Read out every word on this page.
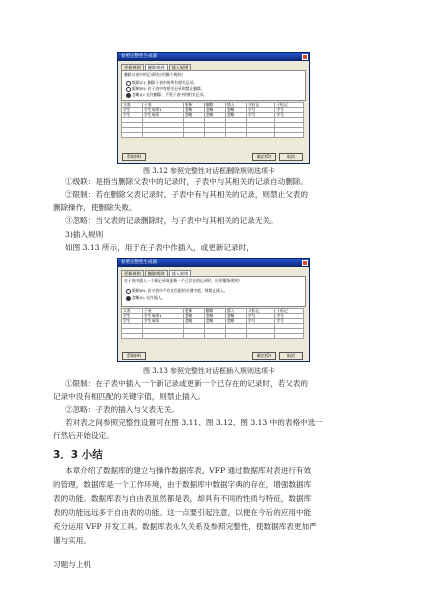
参照完整性生成器
更新规则	删除规则	插入规则
删除父表中的记录时应用哪个规则?
级联(C): 删除子表中的所有相关记录。
限制(R): 若子表中有相关记录则禁止删除。
忽略(I): 允许删除，不管子表中的相关记录。
父表	子表	更新	删除	插入	父标记	子标记
学生	学生成绩1	忽略	忽略	忽略	学号	学号
学生	学生成绩	忽略	忽略	忽略	学号	学号

帮助(H)	确定(O)	取消
图 3.12 参照完整性对话框删除规则选项卡
①级联：是指当删除父表中的记录时，子表中与其相关的记录自动删除。
②限制：若在删除父表记录时，子表中有与其相关的记录，则禁止父表的
删除操作，使删除失败。
③忽略：当父表的记录删除时，与子表中与其相关的记录无关。
3)插入规则
如图 3.13 所示，用于在子表中作插入，或更新记录时，
参照完整性生成器
更新规则	删除规则	插入规则
在子表中插入一个新记录或更新一个已存在的记录时，应用哪条规则?
限制(R): 若父表中不存在匹配的关键字值，则禁止插入。
忽略(I): 允许插入。
父表	子表	更新	删除	插入	父标记	子标记
学生	学生成绩1	忽略	忽略	忽略	学号	学号
学生	学生成绩	忽略	忽略	忽略	学号	学号

帮助(H)	确定(O)	取消
图 3.13 参照完整性对话框插入规则选项卡
①限制：在子表中插入一个新记录或更新一个已存在的记录时，若父表的
记录中没有相匹配的关键字值，则禁止插入。
②忽略：子表的插入与父表无关。
若对表之间参照完整性设置可在图 3.11、图 3.12、图 3.13 中的表格中选一
行然后开始设定。
3．3 小结
本章介绍了数据库的建立与操作数据库表。VFP 通过数据库对表进行有效
的管理，数据库是一个工作环境，由于数据库中数据字典的存在，增强数据库
表的功能。数据库表与自由表虽然都是表，却具有不同的性质与特征，数据库
表的功能远远多于自由表的功能。这一点要引起注意，以便在今后的应用中能
充分运用 VFP 开发工具。数据库表永久关系及参照完整性，使数据库表更加严
谨与实用。
习题与上机
